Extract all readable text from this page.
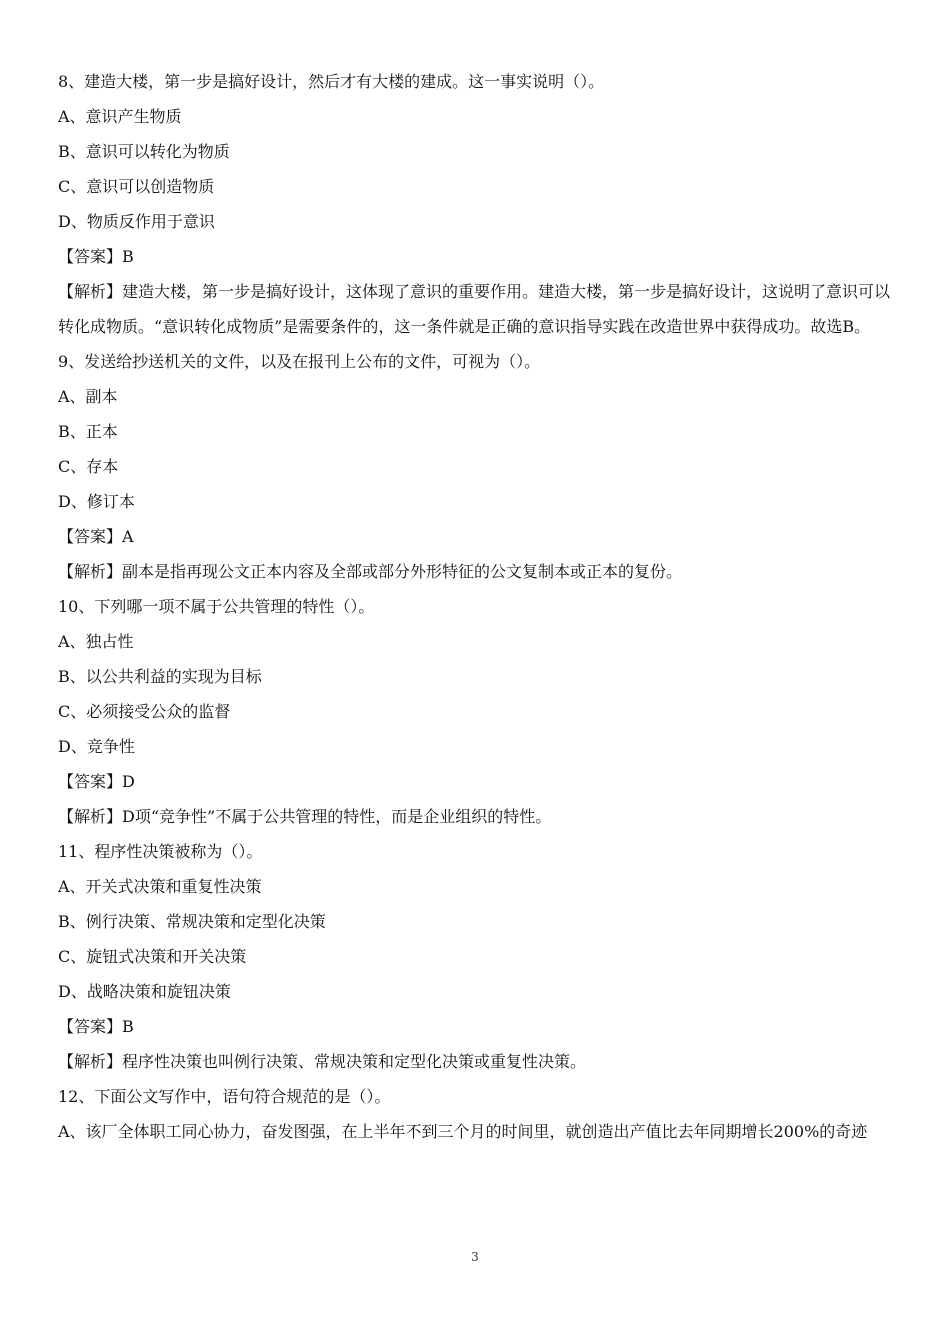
8、建造大楼，第一步是搞好设计，然后才有大楼的建成。这一事实说明（）。
A、意识产生物质
B、意识可以转化为物质
C、意识可以创造物质
D、物质反作用于意识
【答案】B
【解析】建造大楼，第一步是搞好设计，这体现了意识的重要作用。建造大楼，第一步是搞好设计，这说明了意识可以转化成物质。“意识转化成物质”是需要条件的，这一条件就是正确的意识指导实践在改造世界中获得成功。故选B。
9、发送给抄送机关的文件，以及在报刊上公布的文件，可视为（）。
A、副本
B、正本
C、存本
D、修订本
【答案】A
【解析】副本是指再现公文正本内容及全部或部分外形特征的公文复制本或正本的复份。
10、下列哪一项不属于公共管理的特性（）。
A、独占性
B、以公共利益的实现为目标
C、必须接受公众的监督
D、竞争性
【答案】D
【解析】D项“竞争性”不属于公共管理的特性，而是企业组织的特性。
11、程序性决策被称为（）。
A、开关式决策和重复性决策
B、例行决策、常规决策和定型化决策
C、旋钮式决策和开关决策
D、战略决策和旋钮决策
【答案】B
【解析】程序性决策也叫例行决策、常规决策和定型化决策或重复性决策。
12、下面公文写作中，语句符合规范的是（）。
A、该厂全体职工同心协力，奋发图强，在上半年不到三个月的时间里，就创造出产值比去年同期增长200%的奇迹
3
